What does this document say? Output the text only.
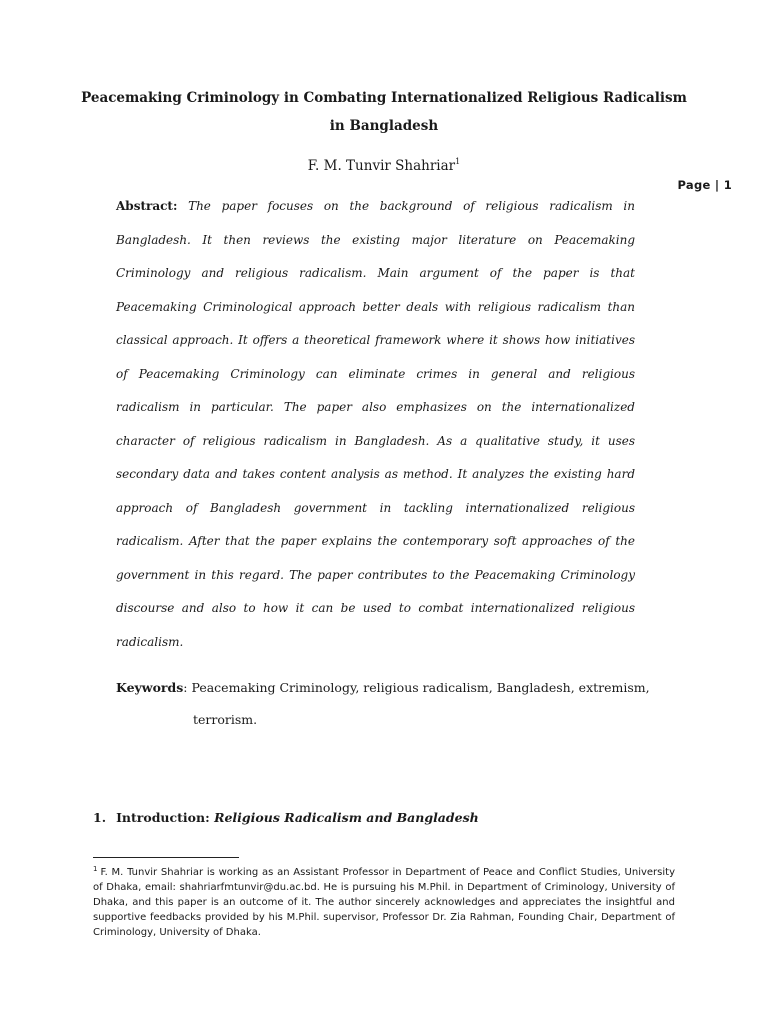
Peacemaking Criminology in Combating Internationalized Religious Radicalism
in Bangladesh
F. M. Tunvir Shahriar$^1$
Page | 1

Abstract: The paper focuses on the background of religious radicalism in Bangladesh. It then reviews the existing major literature on Peacemaking Criminology and religious radicalism. Main argument of the paper is that Peacemaking Criminological approach better deals with religious radicalism than classical approach. It offers a theoretical framework where it shows how initiatives of Peacemaking Criminology can eliminate crimes in general and religious radicalism in particular. The paper also emphasizes on the internationalized character of religious radicalism in Bangladesh. As a qualitative study, it uses secondary data and takes content analysis as method. It analyzes the existing hard approach of Bangladesh government in tackling internationalized religious radicalism. After that the paper explains the contemporary soft approaches of the government in this regard. The paper contributes to the Peacemaking Criminology discourse and also to how it can be used to combat internationalized religious radicalism.

Keywords: Peacemaking Criminology, religious radicalism, Bangladesh, extremism,
terrorism.

1. Introduction: Religious Radicalism and Bangladesh

$^1$ F. M. Tunvir Shahriar is working as an Assistant Professor in Department of Peace and Conflict Studies, University of Dhaka, email: shahriarfmtunvir@du.ac.bd. He is pursuing his M.Phil. in Department of Criminology, University of Dhaka, and this paper is an outcome of it. The author sincerely acknowledges and appreciates the insightful and supportive feedbacks provided by his M.Phil. supervisor, Professor Dr. Zia Rahman, Founding Chair, Department of Criminology, University of Dhaka.
